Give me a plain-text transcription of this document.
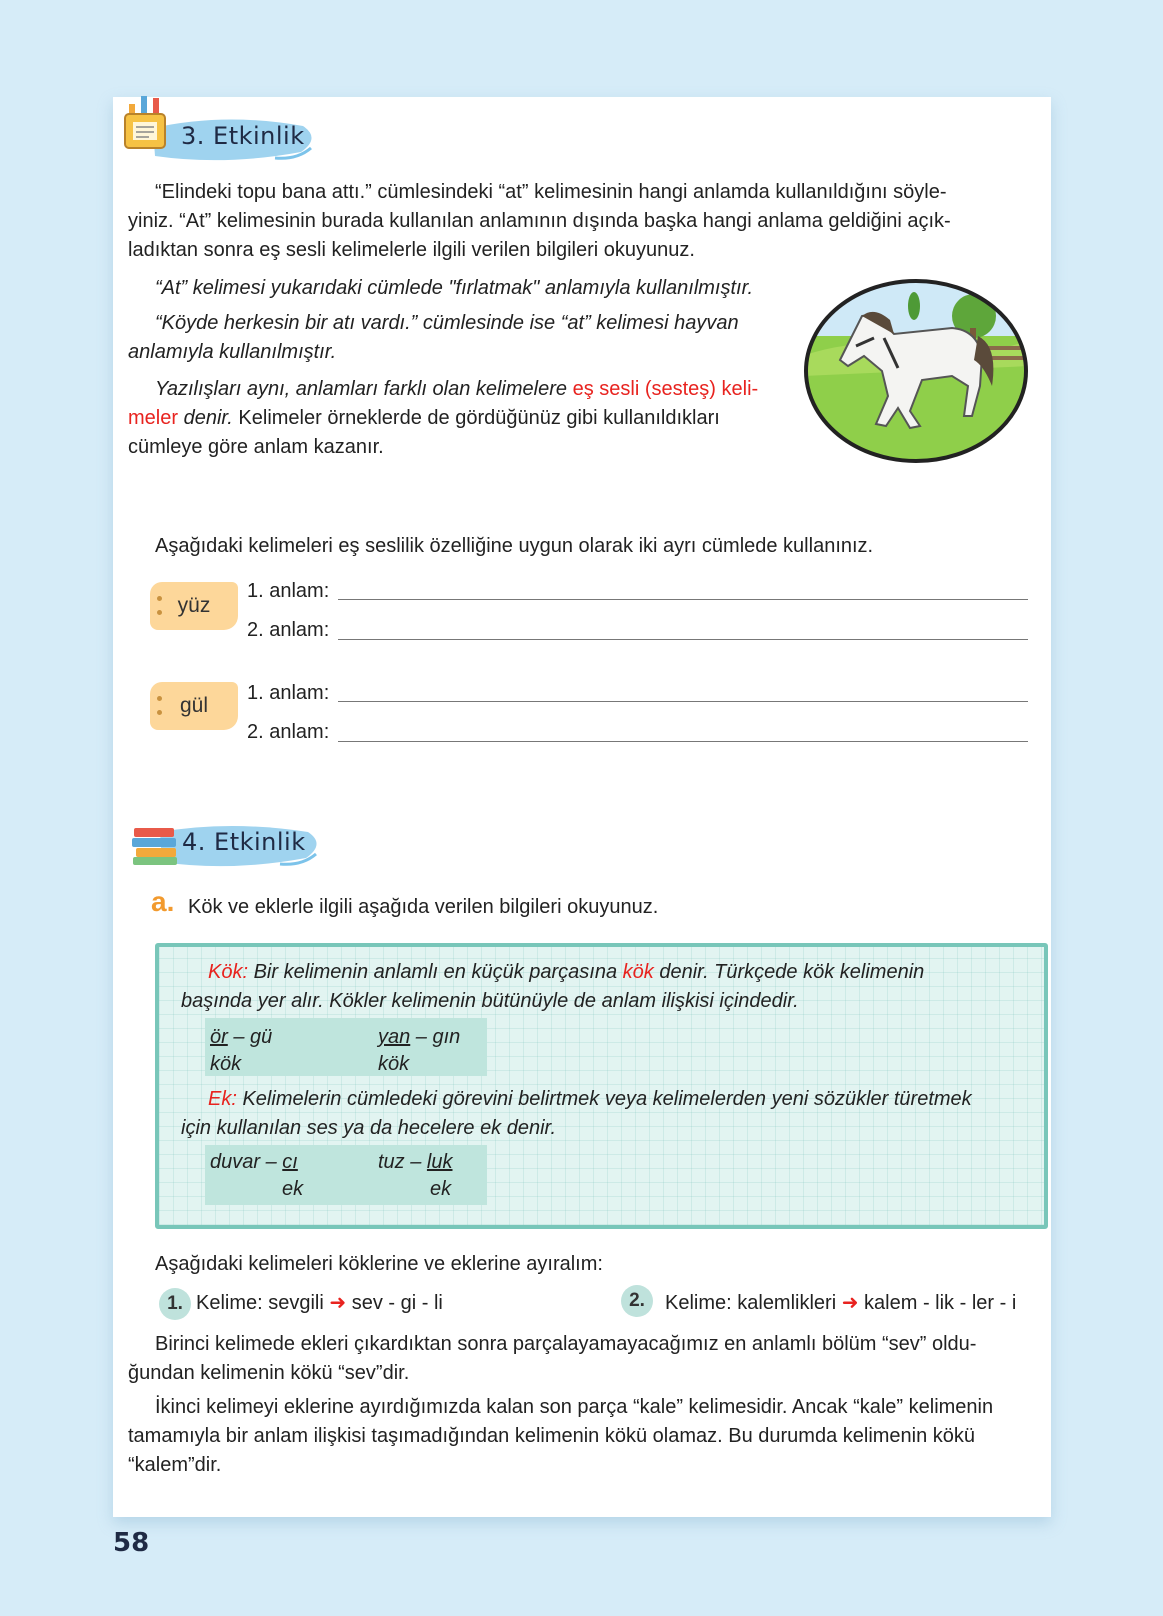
3. Etkinlik

“Elindeki topu bana attı.” cümlesindeki “at” kelimesinin hangi anlamda kullanıldığını söyle-

yiniz. “At” kelimesinin burada kullanılan anlamının dışında başka hangi anlama geldiğini açık-

ladıktan sonra eş sesli kelimelerle ilgili verilen bilgileri okuyunuz.

“At” kelimesi yukarıdaki cümlede "fırlatmak" anlamıyla kullanılmıştır.

“Köyde herkesin bir atı vardı.” cümlesinde ise “at” kelimesi hayvan

anlamıyla kullanılmıştır.

Yazılışları aynı, anlamları farklı olan kelimelere eş sesli (sesteş) keli-

meler denir. Kelimeler örneklerde de gördüğünüz gibi kullanıldıkları

cümleye göre anlam kazanır.

Aşağıdaki kelimeleri eş seslilik özelliğine uygun olarak iki ayrı cümlede kullanınız.

yüz
1. anlam:
2. anlam:
gül
1. anlam:
2. anlam:
4. Etkinlik
a. Kök ve eklerle ilgili aşağıda verilen bilgileri okuyunuz.

Kök: Bir kelimenin anlamlı en küçük parçasına kök denir. Türkçede kök kelimenin

başında yer alır. Kökler kelimenin bütünüyle de anlam ilişkisi içindedir.

ör – gü
kök
yan – gın
kök

Ek: Kelimelerin cümledeki görevini belirtmek veya kelimelerden yeni sözükler türetmek

için kullanılan ses ya da hecelere ek denir.

duvar – cı
ek
tuz – luk
ek

Aşağıdaki kelimeleri köklerine ve eklerine ayıralım:

1. Kelime: sevgili ➜ sev - gi - li	2.	Kelime: kalemlikleri ➜ kalem - lik - ler - i

Birinci kelimede ekleri çıkardıktan sonra parçalayamayacağımız en anlamlı bölüm “sev” oldu-

ğundan kelimenin kökü “sev”dir.

İkinci kelimeyi eklerine ayırdığımızda kalan son parça “kale” kelimesidir. Ancak “kale” kelimenin

tamamıyla bir anlam ilişkisi taşımadığından kelimenin kökü olamaz. Bu durumda kelimenin kökü

“kalem”dir.

58
